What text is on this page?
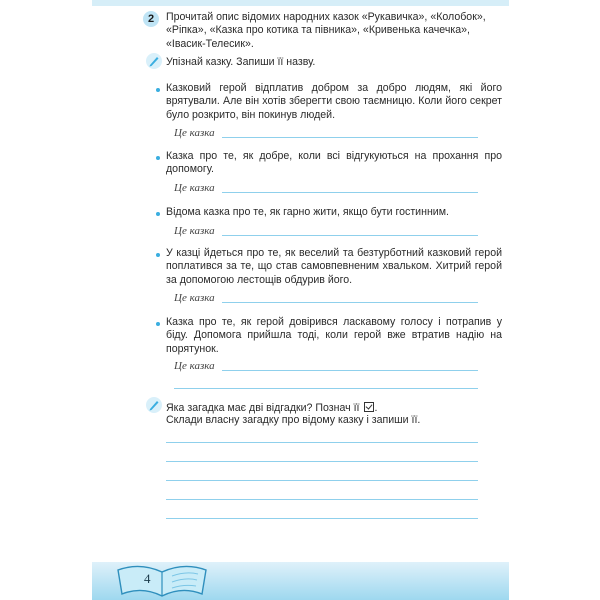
2	Прочитай опис відомих народних казок «Рукавичка», «Колобок», «Ріпка», «Казка про котика та півника», «Кривенька качечка», «Івасик-Телесик».
Упізнай казку. Запиши її назву.
Казковий герой відплатив добром за добро людям, які його врятували. Але він хотів зберегти свою таємницю. Коли його секрет було розкрито, він покинув людей.
Це казка
Казка про те, як добре, коли всі відгукуються на прохання про допомогу.
Це казка
Відома казка про те, як гарно жити, якщо бути гостинним.
Це казка
У казці йдеться про те, як веселий та безтурботний казковий герой поплатився за те, що став самовпевненим хвальком. Хитрий герой за допомогою лестощів обдурив його.
Це казка
Казка про те, як герой довірився ласкавому голосу і потрапив у біду. Допомога прийшла тоді, коли герой вже втратив надію на порятунок.
Це казка
Яка загадка має дві відгадки? Познач її .
Склади власну загадку про відому казку і запиши її.
4
